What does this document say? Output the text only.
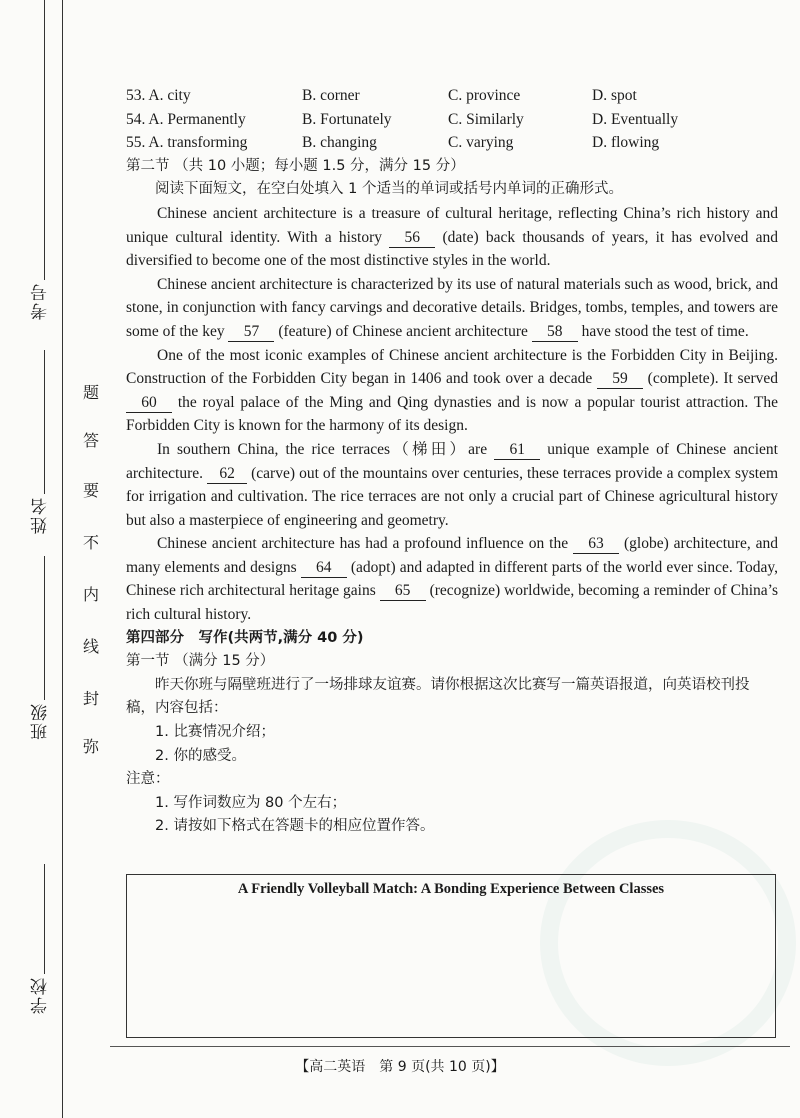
考号
姓名
班级
学校
题
答
要
不
内
线
封
弥
53. A. city	B. corner	C. province	D. spot
54. A. Permanently	B. Fortunately	C. Similarly	D. Eventually
55. A. transforming	B. changing	C. varying	D. flowing

第二节 （共 10 小题；每小题 1.5 分，满分 15 分）

阅读下面短文，在空白处填入 1 个适当的单词或括号内单词的正确形式。

Chinese ancient architecture is a treasure of cultural heritage, reflecting China’s rich history and unique cultural identity. With a history 56 (date) back thousands of years, it has evolved and diversified to become one of the most distinctive styles in the world.

Chinese ancient architecture is characterized by its use of natural materials such as wood, brick, and stone, in conjunction with fancy carvings and decorative details. Bridges, tombs, temples, and towers are some of the key 57 (feature) of Chinese ancient architecture 58 have stood the test of time.

One of the most iconic examples of Chinese ancient architecture is the Forbidden City in Beijing. Construction of the Forbidden City began in 1406 and took over a decade 59 (complete). It served 60 the royal palace of the Ming and Qing dynasties and is now a popular tourist attraction. The Forbidden City is known for the harmony of its design.

In southern China, the rice terraces（梯田）are 61 unique example of Chinese ancient architecture. 62 (carve) out of the mountains over centuries, these terraces provide a complex system for irrigation and cultivation. The rice terraces are not only a crucial part of Chinese agricultural history but also a masterpiece of engineering and geometry.

Chinese ancient architecture has had a profound influence on the 63 (globe) architecture, and many elements and designs 64 (adopt) and adapted in different parts of the world ever since. Today, Chinese rich architectural heritage gains 65 (recognize) worldwide, becoming a reminder of China’s rich cultural history.

第四部分　写作(共两节,满分 40 分)

第一节 （满分 15 分）

昨天你班与隔壁班进行了一场排球友谊赛。请你根据这次比赛写一篇英语报道，向英语校刊投稿，内容包括：

1. 比赛情况介绍；

2. 你的感受。

注意：

1. 写作词数应为 80 个左右；

2. 请按如下格式在答题卡的相应位置作答。

A Friendly Volleyball Match: A Bonding Experience Between Classes
【高二英语　第 9 页(共 10 页)】
